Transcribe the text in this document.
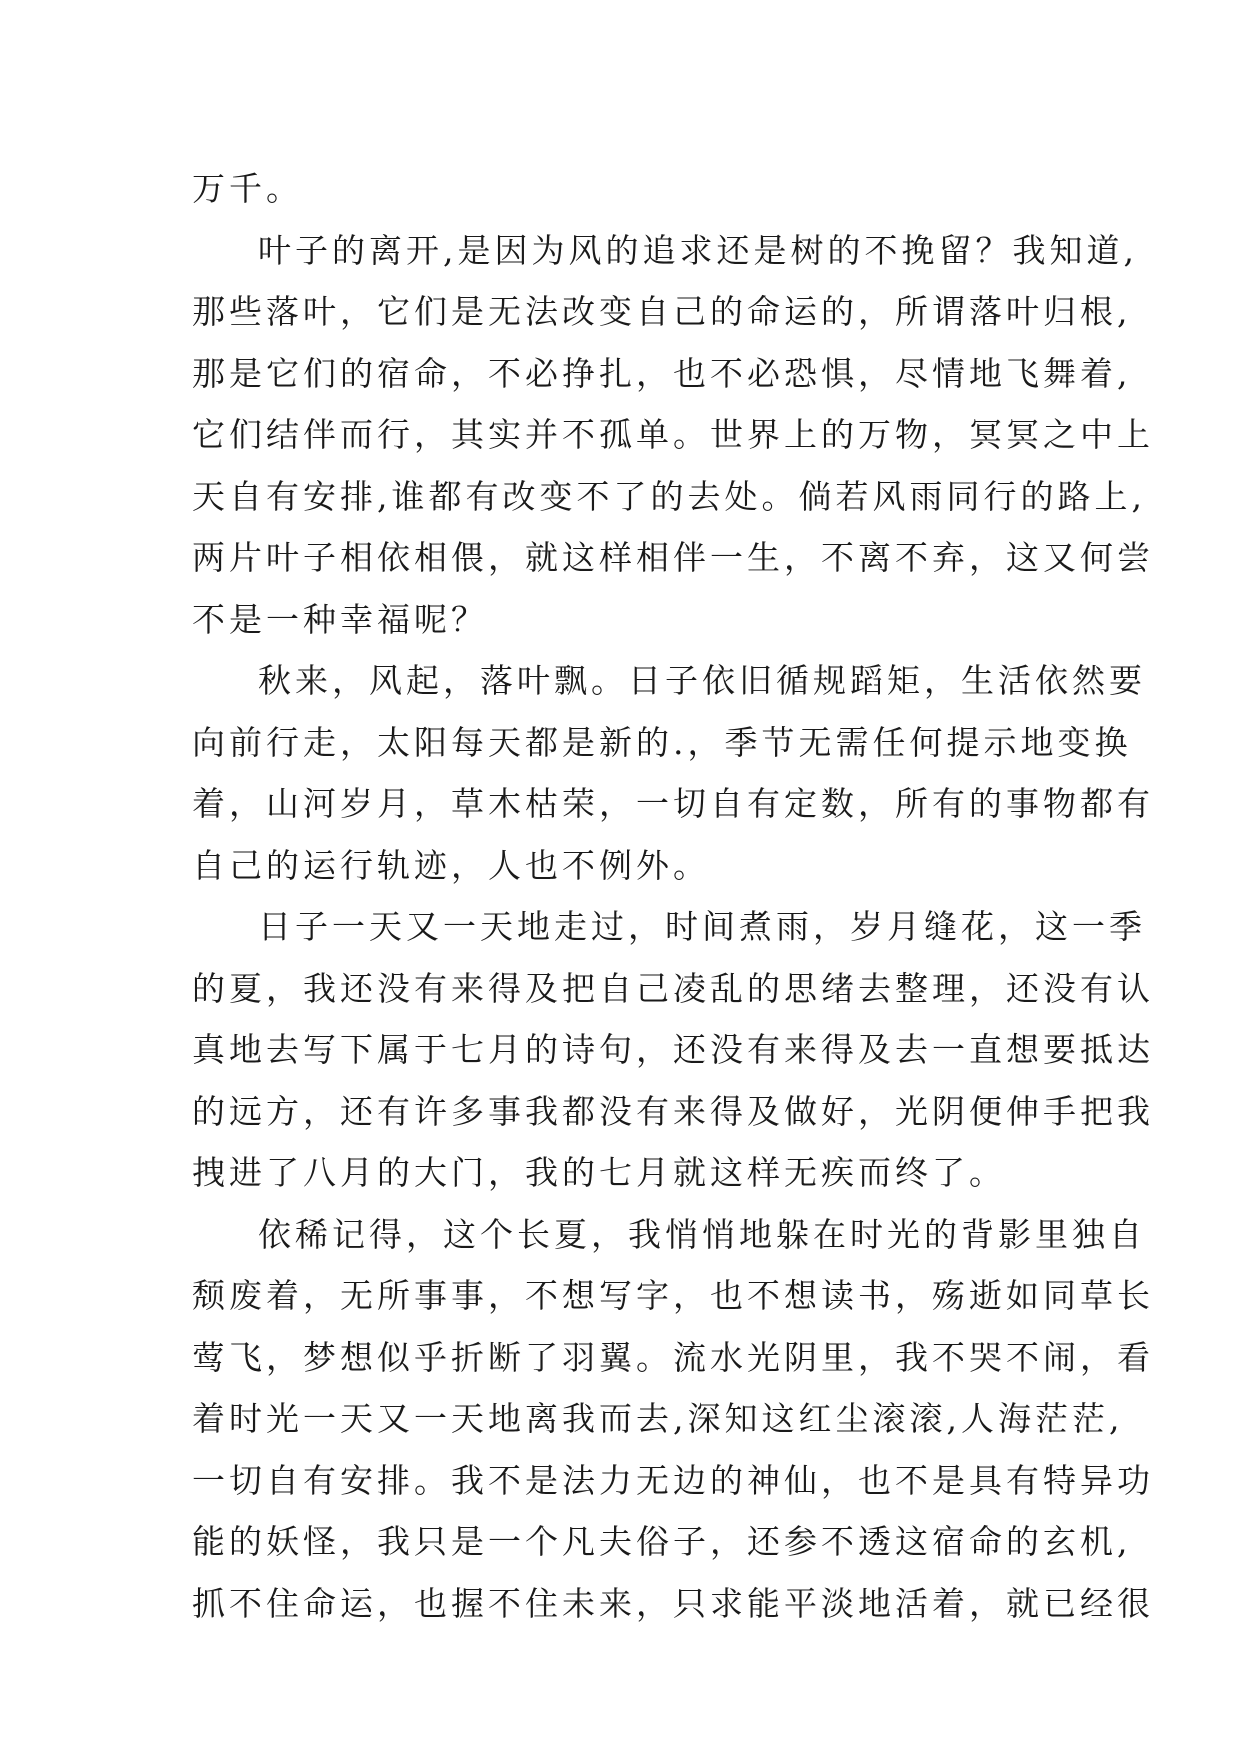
万千。
叶子的离开,是因为风的追求还是树的不挽留？我知道,
那些落叶，它们是无法改变自己的命运的，所谓落叶归根,
那是它们的宿命，不必挣扎，也不必恐惧，尽情地飞舞着,
它们结伴而行，其实并不孤单。世界上的万物，冥冥之中上
天自有安排,谁都有改变不了的去处。倘若风雨同行的路上,
两片叶子相依相偎，就这样相伴一生，不离不弃，这又何尝
不是一种幸福呢？
秋来，风起，落叶飘。日子依旧循规蹈矩，生活依然要
向前行走，太阳每天都是新的.，季节无需任何提示地变换
着，山河岁月，草木枯荣，一切自有定数，所有的事物都有
自己的运行轨迹，人也不例外。
日子一天又一天地走过，时间煮雨，岁月缝花，这一季
的夏，我还没有来得及把自己凌乱的思绪去整理，还没有认
真地去写下属于七月的诗句，还没有来得及去一直想要抵达
的远方，还有许多事我都没有来得及做好，光阴便伸手把我
拽进了八月的大门，我的七月就这样无疾而终了。
依稀记得，这个长夏，我悄悄地躲在时光的背影里独自
颓废着，无所事事，不想写字，也不想读书，殇逝如同草长
莺飞，梦想似乎折断了羽翼。流水光阴里，我不哭不闹，看
着时光一天又一天地离我而去,深知这红尘滚滚,人海茫茫,
一切自有安排。我不是法力无边的神仙，也不是具有特异功
能的妖怪，我只是一个凡夫俗子，还参不透这宿命的玄机,
抓不住命运，也握不住未来，只求能平淡地活着，就已经很
